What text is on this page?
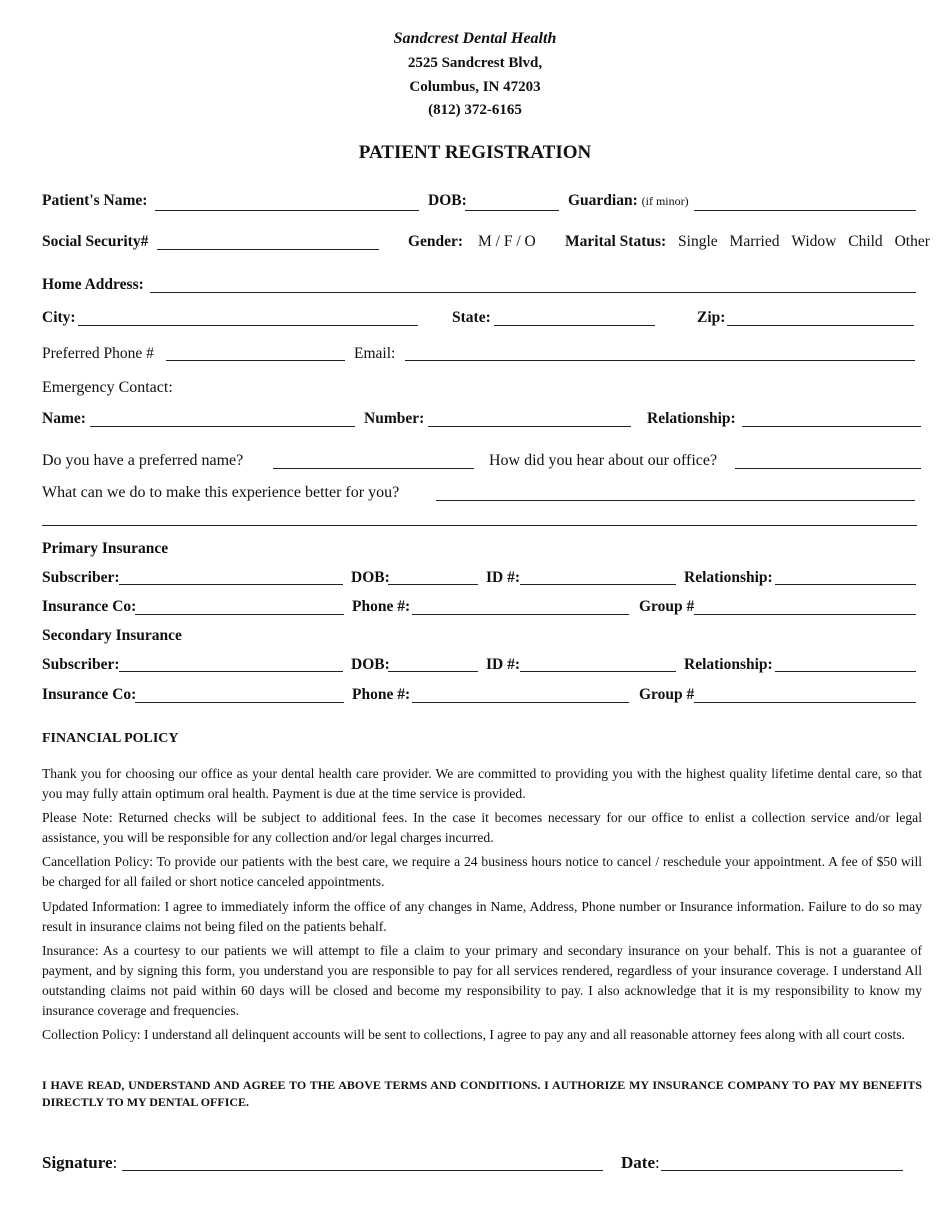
Sandcrest Dental Health
2525 Sandcrest Blvd,
Columbus, IN 47203
(812) 372-6165
PATIENT REGISTRATION
Patient's Name:	DOB:	Guardian: (if minor)
Social Security#	Gender: M / F / O Marital Status: Single Married Widow Child Other
Home Address:
City:	State:	Zip:
Preferred Phone #	Email:
Emergency Contact:
Name:	Number:	Relationship:
Do you have a preferred name?	How did you hear about our office?
What can we do to make this experience better for you?
Primary Insurance
Subscriber:	DOB:	ID #:	Relationship:
Insurance Co:	Phone #:	Group #
Secondary Insurance
Subscriber:	DOB:	ID #:	Relationship:
Insurance Co:	Phone #:	Group #
FINANCIAL POLICY
Thank you for choosing our office as your dental health care provider. We are committed to providing you with the highest quality lifetime dental care, so that you may fully attain optimum oral health. Payment is due at the time service is provided.
Please Note: Returned checks will be subject to additional fees. In the case it becomes necessary for our office to enlist a collection service and/or legal assistance, you will be responsible for any collection and/or legal charges incurred.
Cancellation Policy: To provide our patients with the best care, we require a 24 business hours notice to cancel / reschedule your appointment. A fee of $50 will be charged for all failed or short notice canceled appointments.
Updated Information: I agree to immediately inform the office of any changes in Name, Address, Phone number or Insurance information. Failure to do so may result in insurance claims not being filed on the patients behalf.
Insurance: As a courtesy to our patients we will attempt to file a claim to your primary and secondary insurance on your behalf. This is not a guarantee of payment, and by signing this form, you understand you are responsible to pay for all services rendered, regardless of your insurance coverage. I understand All outstanding claims not paid within 60 days will be closed and become my responsibility to pay. I also acknowledge that it is my responsibility to know my insurance coverage and frequencies.
Collection Policy: I understand all delinquent accounts will be sent to collections, I agree to pay any and all reasonable attorney fees along with all court costs.
I HAVE READ, UNDERSTAND AND AGREE TO THE ABOVE TERMS AND CONDITIONS. I AUTHORIZE MY INSURANCE COMPANY TO PAY MY BENEFITS DIRECTLY TO MY DENTAL OFFICE.
Signature:	Date:
